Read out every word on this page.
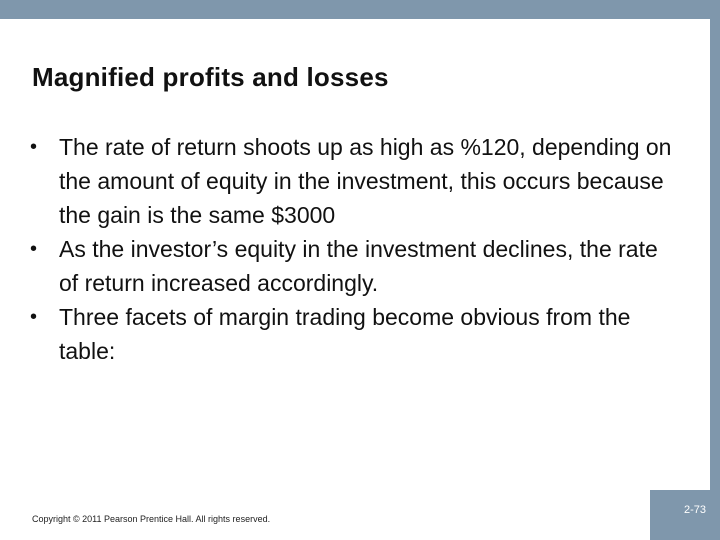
Magnified profits and losses
• The rate of return shoots up as high as %120, depending on the amount of equity in the investment, this occurs because the gain is the same $3000
• As the investor’s equity in the investment declines, the rate of return increased accordingly.
• Three facets of margin trading become obvious from the table:
Copyright © 2011 Pearson Prentice Hall. All rights reserved.
2-73
